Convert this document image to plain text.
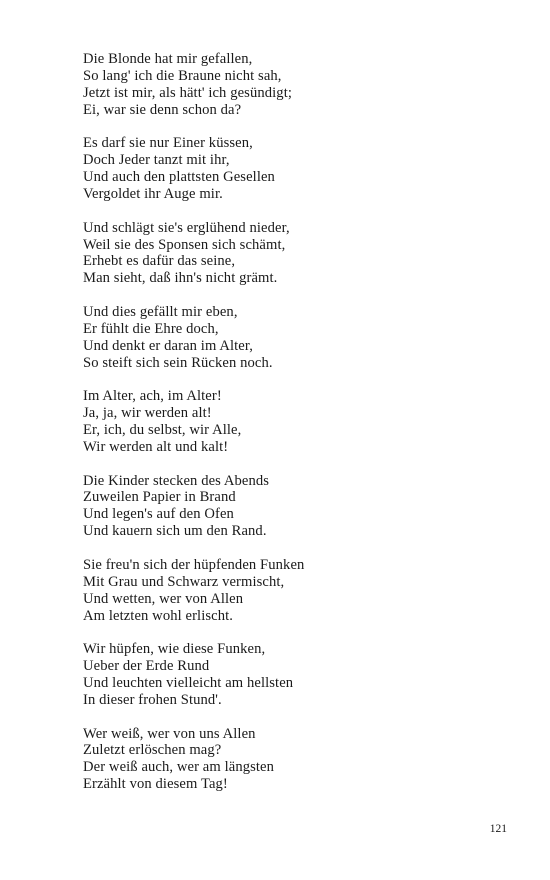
Die Blonde hat mir gefallen,
So lang' ich die Braune nicht sah,
Jetzt ist mir, als hätt' ich gesündigt;
Ei, war sie denn schon da?
Es darf sie nur Einer küssen,
Doch Jeder tanzt mit ihr,
Und auch den plattsten Gesellen
Vergoldet ihr Auge mir.
Und schlägt sie's erglühend nieder,
Weil sie des Sponsen sich schämt,
Erhebt es dafür das seine,
Man sieht, daß ihn's nicht grämt.
Und dies gefällt mir eben,
Er fühlt die Ehre doch,
Und denkt er daran im Alter,
So steift sich sein Rücken noch.
Im Alter, ach, im Alter!
Ja, ja, wir werden alt!
Er, ich, du selbst, wir Alle,
Wir werden alt und kalt!
Die Kinder stecken des Abends
Zuweilen Papier in Brand
Und legen's auf den Ofen
Und kauern sich um den Rand.
Sie freu'n sich der hüpfenden Funken
Mit Grau und Schwarz vermischt,
Und wetten, wer von Allen
Am letzten wohl erlischt.
Wir hüpfen, wie diese Funken,
Ueber der Erde Rund
Und leuchten vielleicht am hellsten
In dieser frohen Stund'.
Wer weiß, wer von uns Allen
Zuletzt erlöschen mag?
Der weiß auch, wer am längsten
Erzählt von diesem Tag!
121
